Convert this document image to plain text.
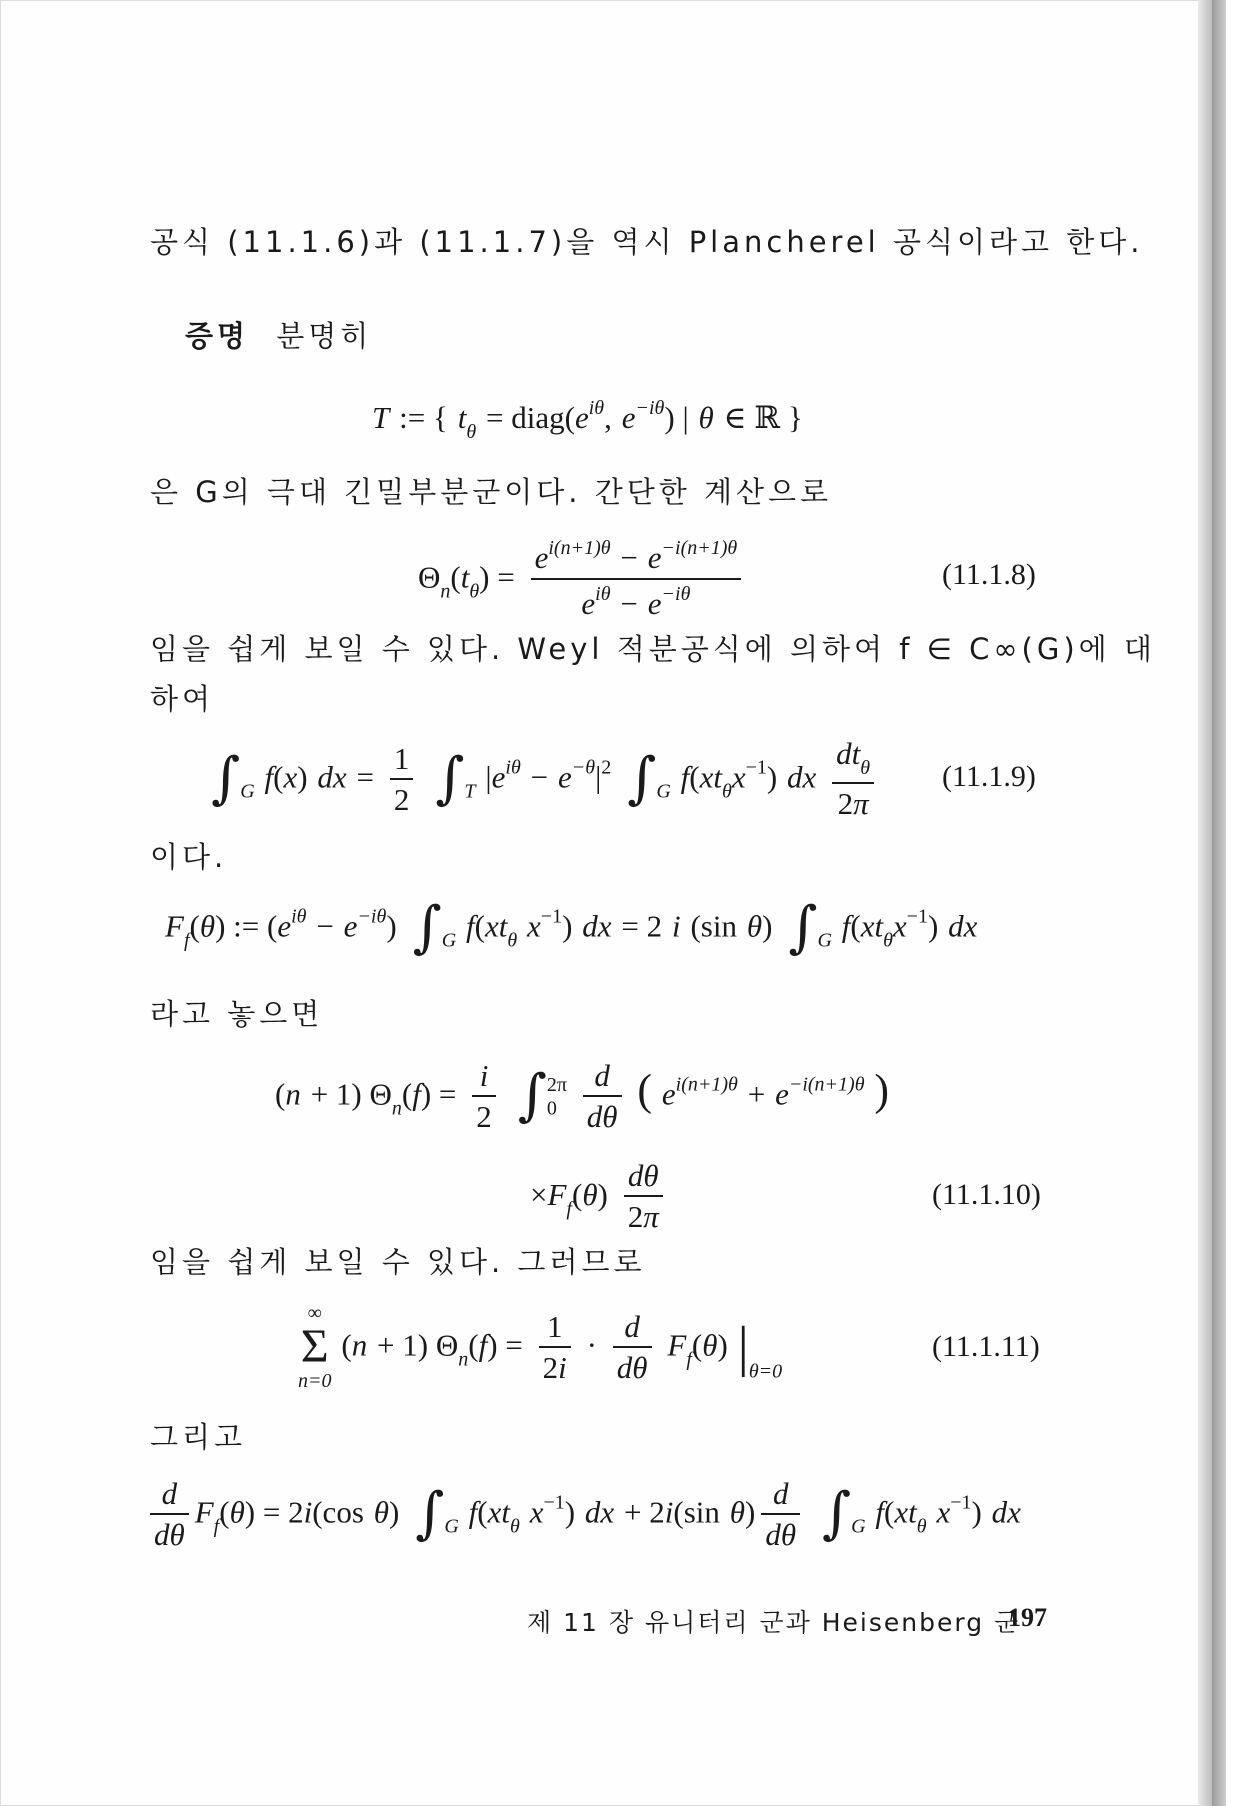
공식 (11.1.6)과 (11.1.7)을 역시 Plancherel 공식이라고 한다.
증명 분명히
T := { $t_\theta$ = $diag(e^{i\theta}$, $e^{-i\theta}$) | θ ∈ ℝ }
은 G의 극대 긴밀부분군이다. 간단한 계산으로
$\Theta_n(t_\theta) = \frac{e^{i(n+1)\theta} - e^{-i(n+1)\theta}}{e^{i\theta} - e^{-i\theta}}$	(11.1.8)
임을 쉽게 보일 수 있다. Weyl 적분공식에 의하여 f ∈ C∞(G)에 대
하여
$\int_G$ f(x) dx = $\frac{1}{2} \int_T$ $|e^{i\theta} - e^{-\theta}|^2$ $\int_G$ $f(xt_\theta x^{-1})$ dx $\frac{dt_\theta}{2\pi} (11.1.9)$
이다.
$F_f(\theta)$ := $(e^{i\theta} - e^{-i\theta})$ $\int_G$ $f(xt_\theta$ $x^{-1}$) dx = 2 i (sin θ) $\int_G$ $f(xt_\theta x^{-1})$ dx
라고 놓으면
(n + 1) $\Theta_n(f) = \frac{i}{2} \int_0^{2\pi} \frac{d}{d\theta}$ ( $e^{i(n+1)\theta} + e^{-i(n+1)\theta}$ )
$\times F_f(\theta) \frac{d\theta}{2\pi}$	(11.1.10)
임을 쉽게 보일 수 있다. 그러므로
∞
Σ
n=0
(n + 1) $\Theta_n(f) = \frac{1}{2i} \cdot \frac{d}{d\theta} F_f(\theta)$ $|_{\theta=0}$
(11.1.11)
그리고
$\frac{d}{d\theta} F_f(\theta) = 2i(\cos$ θ) $\int_G$ $f(xt_\theta$ $x^{-1}$) dx + 2i(sin $\theta) \frac{d}{d\theta} \int_G$ $f(xt_\theta$ $x^{-1}$) dx
제 11 장 유니터리 군과 Heisenberg 군
197
